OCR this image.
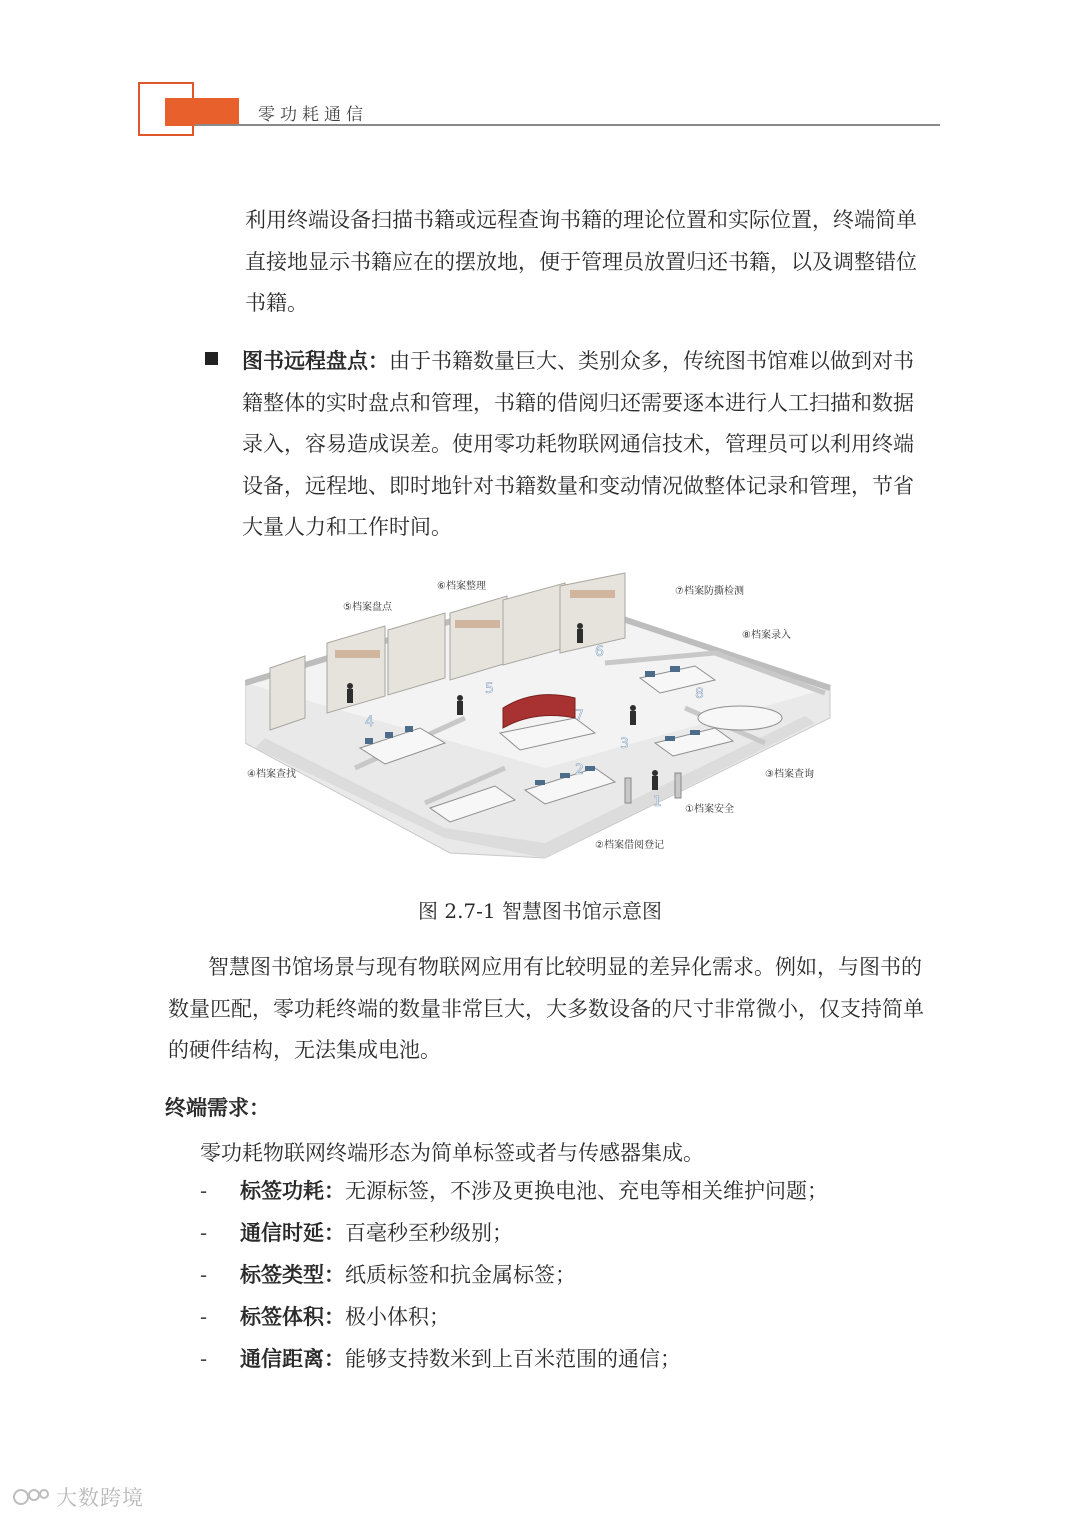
零功耗通信

利用终端设备扫描书籍或远程查询书籍的理论位置和实际位置，终端简单直接地显示书籍应在的摆放地，便于管理员放置归还书籍，以及调整错位书籍。

图书远程盘点：由于书籍数量巨大、类别众多，传统图书馆难以做到对书籍整体的实时盘点和管理，书籍的借阅归还需要逐本进行人工扫描和数据录入，容易造成误差。使用零功耗物联网通信技术，管理员可以利用终端设备，远程地、即时地针对书籍数量和变动情况做整体记录和管理，节省大量人力和工作时间。

1
2
3
4
5
6
7
8
⑤档案盘点
⑥档案整理	⑦档案防撕检测
⑧档案录入
④档案查找	③档案查询
①档案安全
②档案借阅登记
图 2.7-1 智慧图书馆示意图

智慧图书馆场景与现有物联网应用有比较明显的差异化需求。例如，与图书的数量匹配，零功耗终端的数量非常巨大，大多数设备的尺寸非常微小，仅支持简单的硬件结构，无法集成电池。

终端需求：
零功耗物联网终端形态为简单标签或者与传感器集成。
- 标签功耗：无源标签，不涉及更换电池、充电等相关维护问题；
- 通信时延：百毫秒至秒级别；
- 标签类型：纸质标签和抗金属标签；
- 标签体积：极小体积；
- 通信距离：能够支持数米到上百米范围的通信；
大数跨境
